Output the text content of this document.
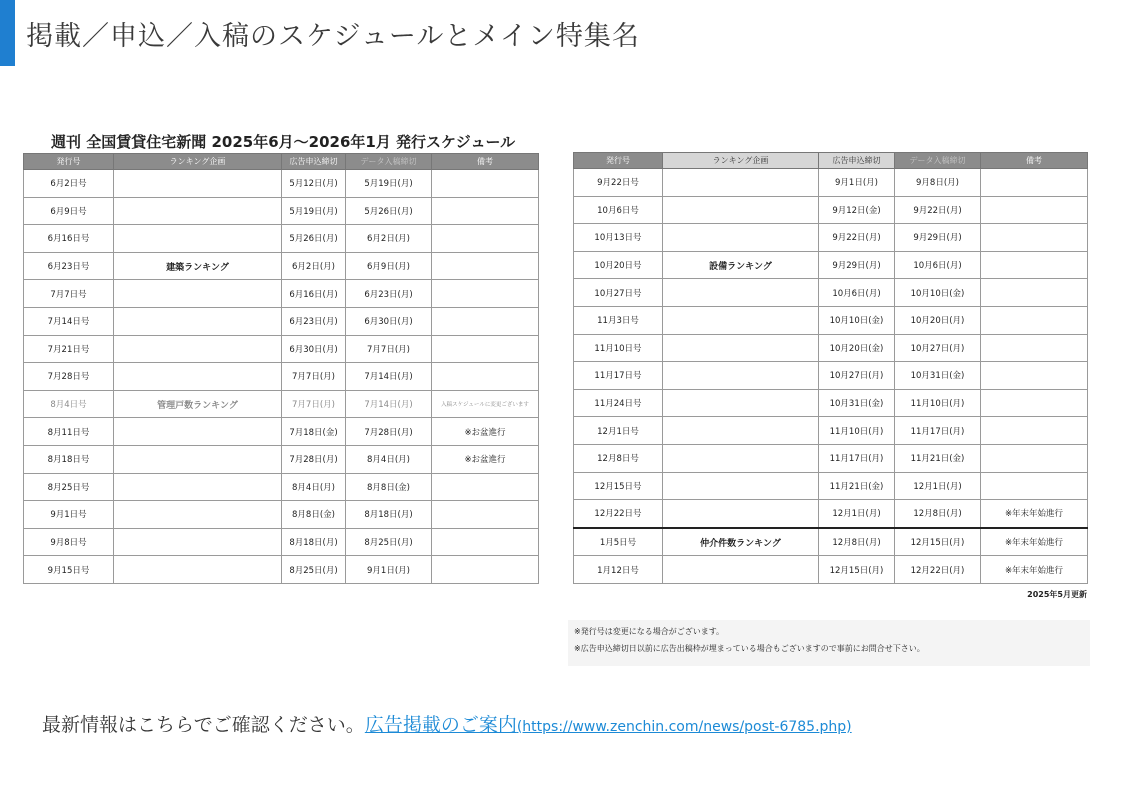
掲載／申込／入稿のスケジュールとメイン特集名
週刊 全国賃貸住宅新聞 2025年6月～2026年1月 発行スケジュール
発行号	ランキング企画	広告申込締切	データ入稿締切	備考
6月2日号		5月12日(月)	5月19日(月)	
6月9日号		5月19日(月)	5月26日(月)	
6月16日号		5月26日(月)	6月2日(月)	
6月23日号	建築ランキング	6月2日(月)	6月9日(月)	
7月7日号		6月16日(月)	6月23日(月)	
7月14日号		6月23日(月)	6月30日(月)	
7月21日号		6月30日(月)	7月7日(月)	
7月28日号		7月7日(月)	7月14日(月)	
8月4日号	管理戸数ランキング	7月7日(月)	7月14日(月)	入稿スケジュールに変更ございます
8月11日号		7月18日(金)	7月28日(月)	※お盆進行
8月18日号		7月28日(月)	8月4日(月)	※お盆進行
8月25日号		8月4日(月)	8月8日(金)	
9月1日号		8月8日(金)	8月18日(月)	
9月8日号		8月18日(月)	8月25日(月)	
9月15日号		8月25日(月)	9月1日(月)	
発行号	ランキング企画	広告申込締切	データ入稿締切	備考
9月22日号		9月1日(月)	9月8日(月)	
10月6日号		9月12日(金)	9月22日(月)	
10月13日号		9月22日(月)	9月29日(月)	
10月20日号	設備ランキング	9月29日(月)	10月6日(月)	
10月27日号		10月6日(月)	10月10日(金)	
11月3日号		10月10日(金)	10月20日(月)	
11月10日号		10月20日(金)	10月27日(月)	
11月17日号		10月27日(月)	10月31日(金)	
11月24日号		10月31日(金)	11月10日(月)	
12月1日号		11月10日(月)	11月17日(月)	
12月8日号		11月17日(月)	11月21日(金)	
12月15日号		11月21日(金)	12月1日(月)	
12月22日号		12月1日(月)	12月8日(月)	※年末年始進行
1月5日号	仲介件数ランキング	12月8日(月)	12月15日(月)	※年末年始進行
1月12日号		12月15日(月)	12月22日(月)	※年末年始進行
2025年5月更新
※発行号は変更になる場合がございます。
※広告申込締切日以前に広告出稿枠が埋まっている場合もございますので事前にお問合せ下さい。
最新情報はこちらでご確認ください。広告掲載のご案内(https://www.zenchin.com/news/post-6785.php)
